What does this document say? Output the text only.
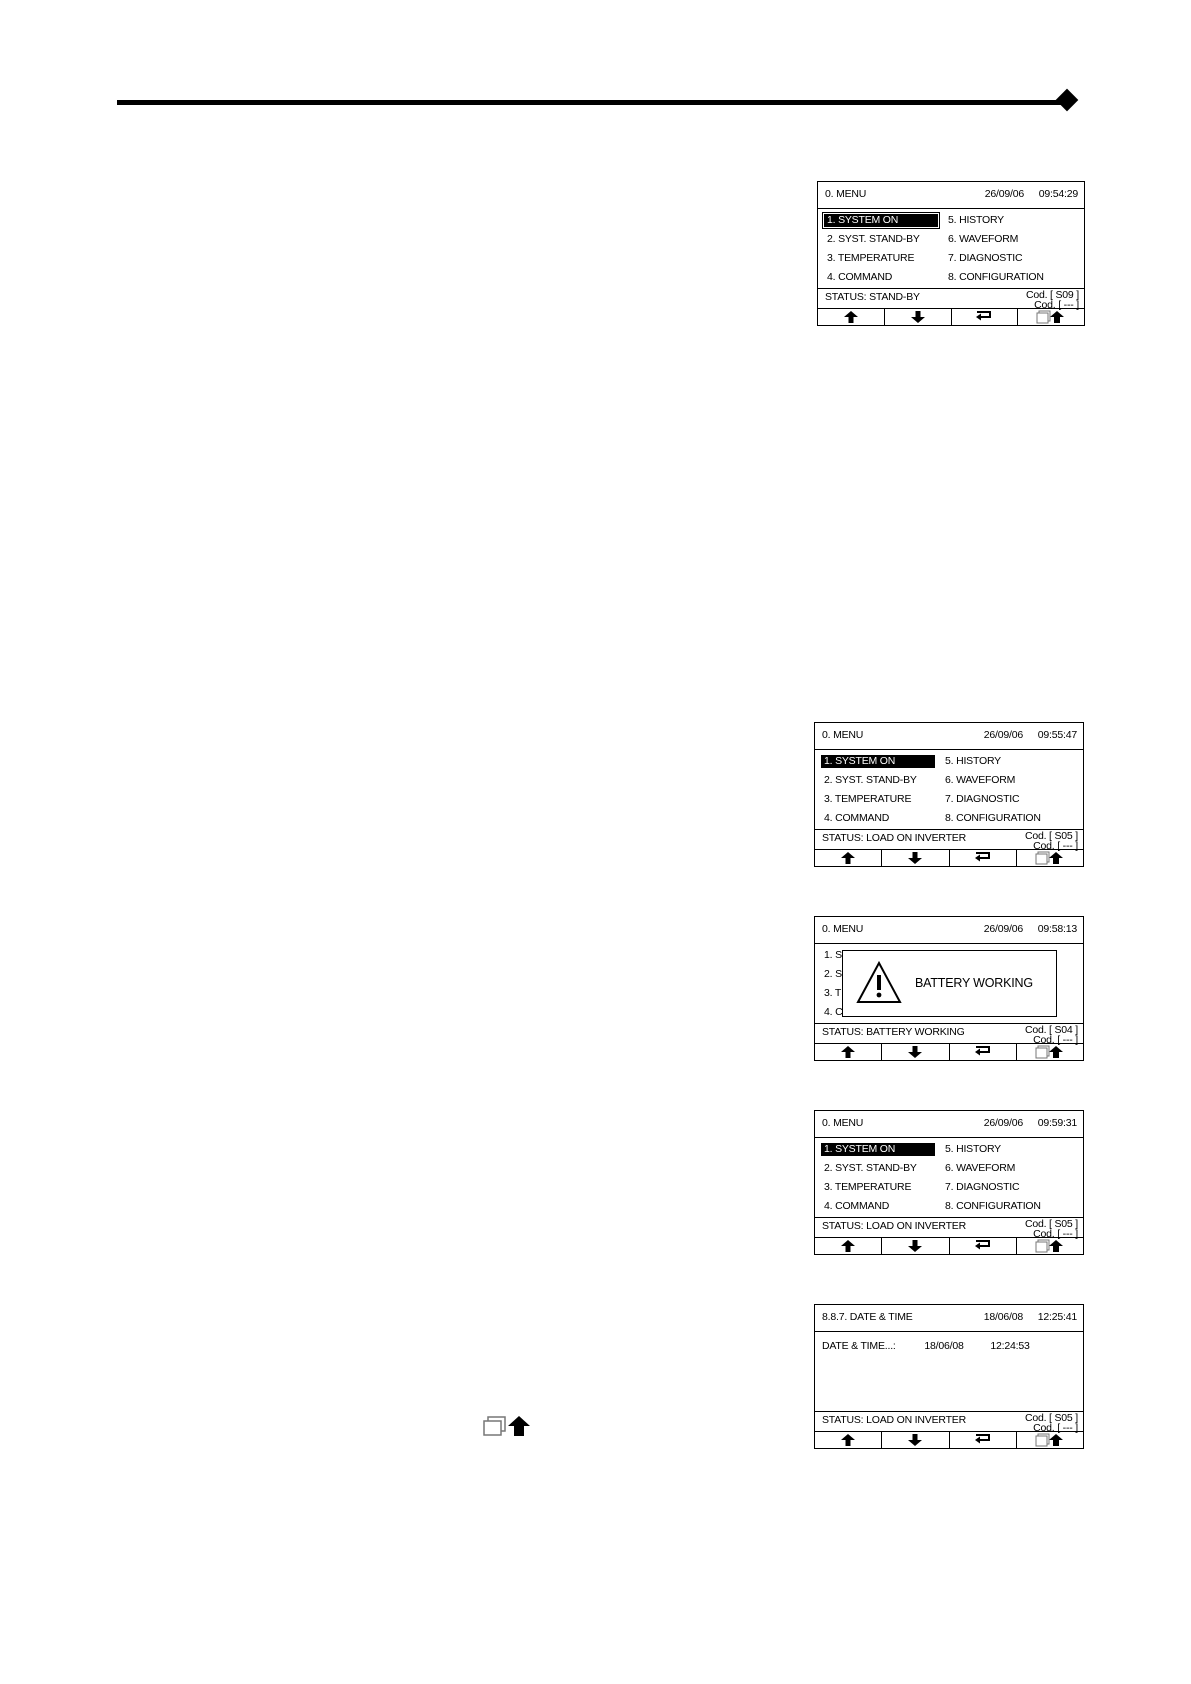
0. MENU	26/09/06 09:54:29
1. SYSTEM ON
2. SYST. STAND-BY
3. TEMPERATURE
4. COMMAND
5. HISTORY
6. WAVEFORM
7. DIAGNOSTIC
8. CONFIGURATION
STATUS: STAND-BY	Cod. [ S09 ]
Cod. [ --- ]
0. MENU	26/09/06 09:55:47
1. SYSTEM ON
2. SYST. STAND-BY
3. TEMPERATURE
4. COMMAND
5. HISTORY
6. WAVEFORM
7. DIAGNOSTIC
8. CONFIGURATION
STATUS: LOAD ON INVERTER	Cod. [ S05 ]
Cod. [ --- ]
0. MENU	26/09/06 09:58:13
1. S
2. S
3. T
4. C
BATTERY WORKING
STATUS: BATTERY WORKING	Cod. [ S04 ]
Cod. [ --- ]
0. MENU	26/09/06 09:59:31
1. SYSTEM ON
2. SYST. STAND-BY
3. TEMPERATURE
4. COMMAND
5. HISTORY
6. WAVEFORM
7. DIAGNOSTIC
8. CONFIGURATION
STATUS: LOAD ON INVERTER	Cod. [ S05 ]
Cod. [ --- ]
8.8.7. DATE & TIME	18/06/08 12:25:41
DATE & TIME...:	18/06/08	12:24:53
STATUS: LOAD ON INVERTER	Cod. [ S05 ]
Cod. [ --- ]
